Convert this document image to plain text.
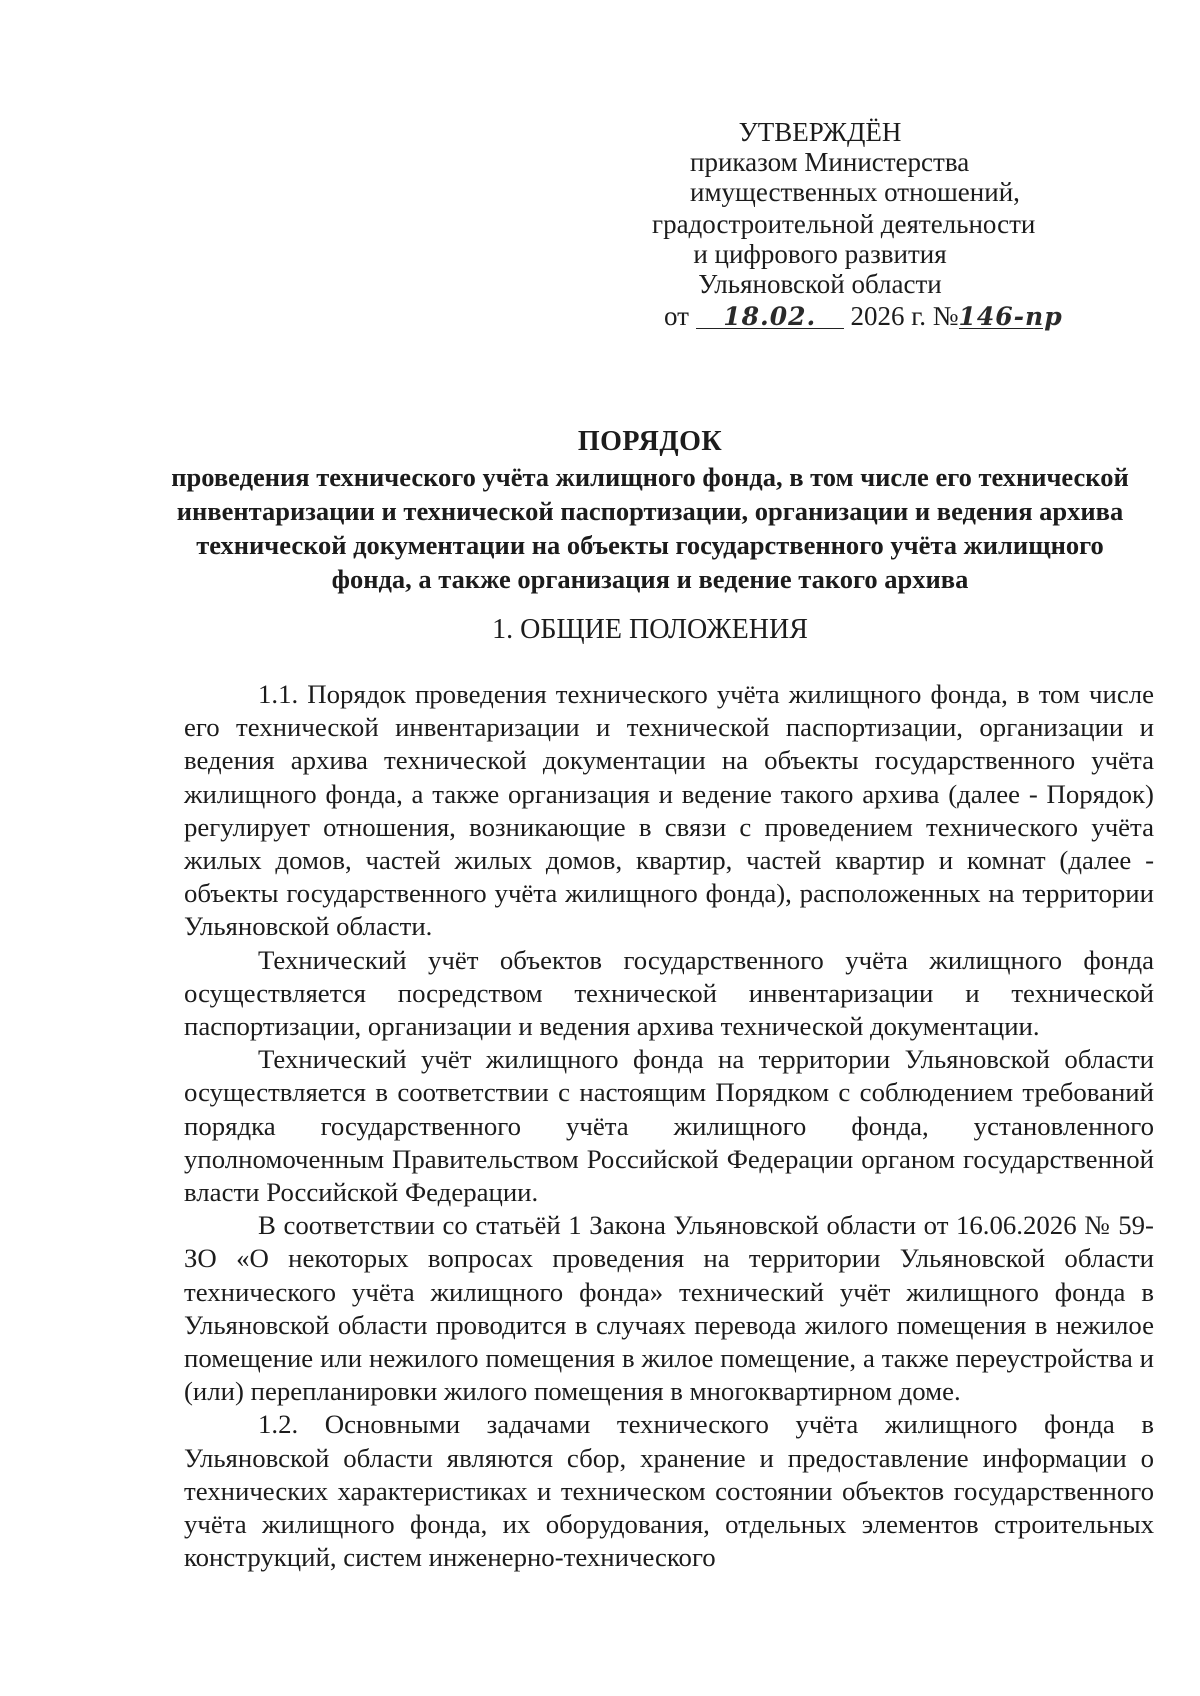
УТВЕРЖДЁН
приказом Министерства
имущественных отношений,
градостроительной деятельности
и цифрового развития
Ульяновской области
от 18.02. 2026 г. №146-пр
ПОРЯДОК
проведения технического учёта жилищного фонда, в том числе его технической инвентаризации и технической паспортизации, организации и ведения архива технической документации на объекты государственного учёта жилищного фонда, а также организация и ведение такого архива
1. ОБЩИЕ ПОЛОЖЕНИЯ

1.1. Порядок проведения технического учёта жилищного фонда, в том числе его технической инвентаризации и технической паспортизации, организации и ведения архива технической документации на объекты государственного учёта жилищного фонда, а также организация и ведение такого архива (далее - Порядок) регулирует отношения, возникающие в связи с проведением технического учёта жилых домов, частей жилых домов, квартир, частей квартир и комнат (далее - объекты государственного учёта жилищного фонда), расположенных на территории Ульяновской области.

Технический учёт объектов государственного учёта жилищного фонда осуществляется посредством технической инвентаризации и технической паспортизации, организации и ведения архива технической документации.

Технический учёт жилищного фонда на территории Ульяновской области осуществляется в соответствии с настоящим Порядком с соблюдением требований порядка государственного учёта жилищного фонда, установленного уполномоченным Правительством Российской Федерации органом государственной власти Российской Федерации.

В соответствии со статьёй 1 Закона Ульяновской области от 16.06.2026 № 59-ЗО «О некоторых вопросах проведения на территории Ульяновской области технического учёта жилищного фонда» технический учёт жилищного фонда в Ульяновской области проводится в случаях перевода жилого помещения в нежилое помещение или нежилого помещения в жилое помещение, а также переустройства и (или) перепланировки жилого помещения в многоквартирном доме.

1.2. Основными задачами технического учёта жилищного фонда в Ульяновской области являются сбор, хранение и предоставление информации о технических характеристиках и техническом состоянии объектов государственного учёта жилищного фонда, их оборудования, отдельных элементов строительных конструкций, систем инженерно-технического
